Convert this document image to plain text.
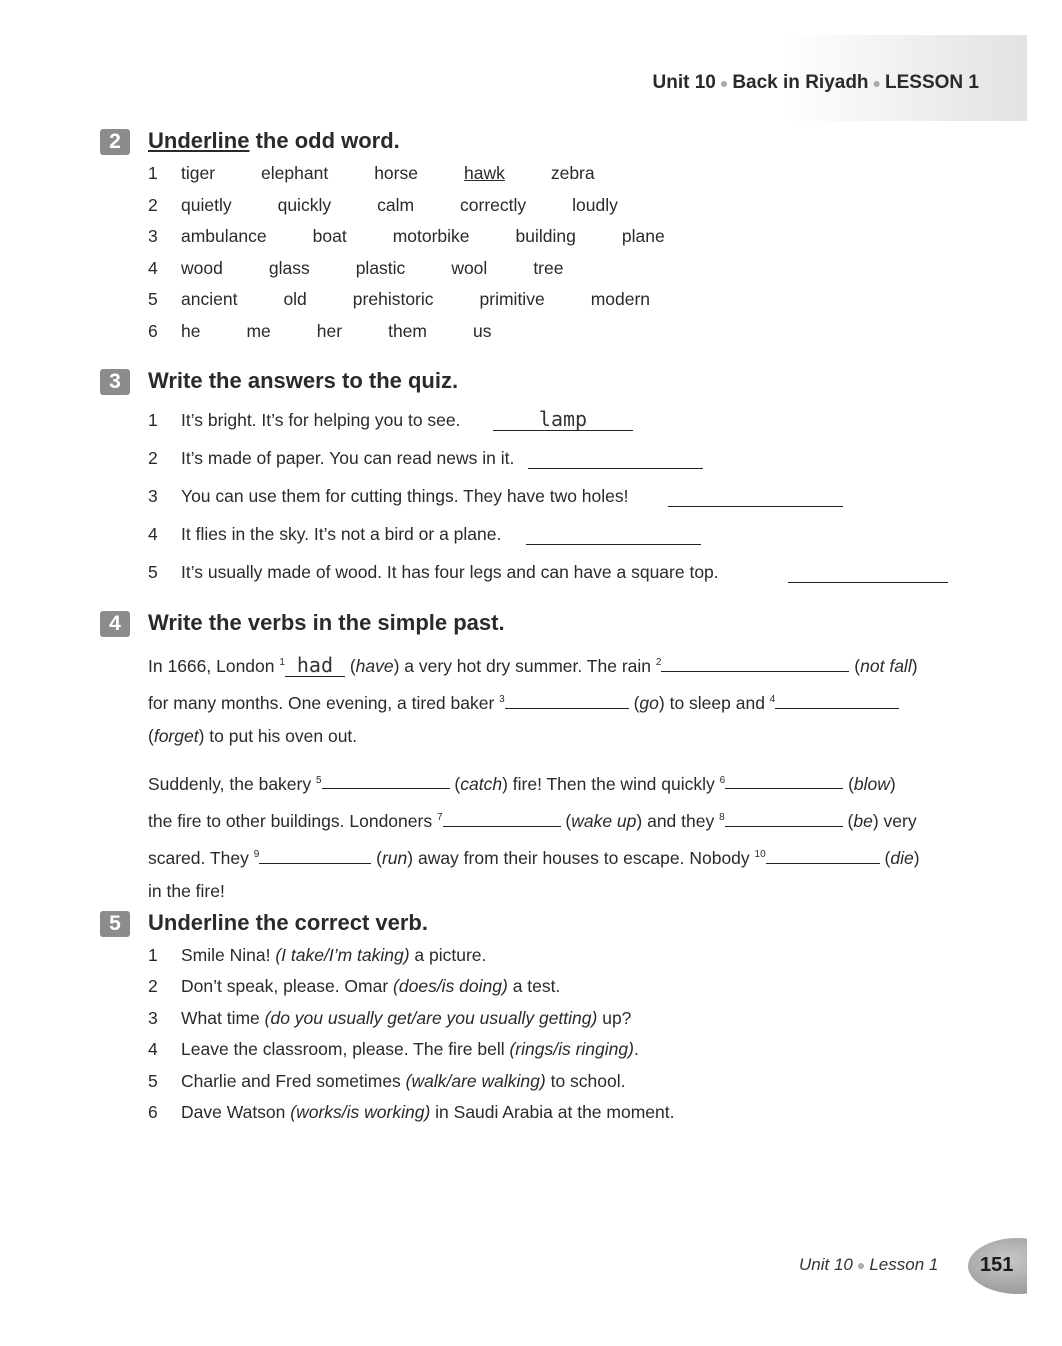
Unit 10 ● Back in Riyadh ● LESSON 1
2	Underline the odd word.
1	tiger	elephant	horse	hawk	zebra
2	quietly	quickly	calm	correctly	loudly
3	ambulance	boat	motorbike	building	plane
4	wood	glass	plastic	wool	tree
5	ancient	old	prehistoric	primitive	modern
6	he	me	her	them	us
3	Write the answers to the quiz.
1	It’s bright. It’s for helping you to see.	lamp
2	It’s made of paper. You can read news in it.
3	You can use them for cutting things. They have two holes!
4	It flies in the sky. It’s not a bird or a plane.
5	It’s usually made of wood. It has four legs and can have a square top.
4	Write the verbs in the simple past.

In 1666, London $^1$ had (have) a very hot dry summer. The rain $^2$	(not fall)
for many months. One evening, a tired baker $^3$	(go) to sleep and $^4$
(forget) to put his oven out.

Suddenly, the bakery $^5$	(catch) fire! Then the wind quickly $^6$	(blow)
the fire to other buildings. Londoners $^7$	(wake up) and they $^8$	(be) very
scared. They $^9$	(run) away from their houses to escape. Nobody $^{10}$	(die)
in the fire!

5	Underline the correct verb.
1	Smile Nina! (I take/I’m taking) a picture.
2	Don’t speak, please. Omar (does/is doing) a test.
3	What time (do you usually get/are you usually getting) up?
4	Leave the classroom, please. The fire bell (rings/is ringing).
5	Charlie and Fred sometimes (walk/are walking) to school.
6	Dave Watson (works/is working) in Saudi Arabia at the moment.
Unit 10 ● Lesson 1 151
